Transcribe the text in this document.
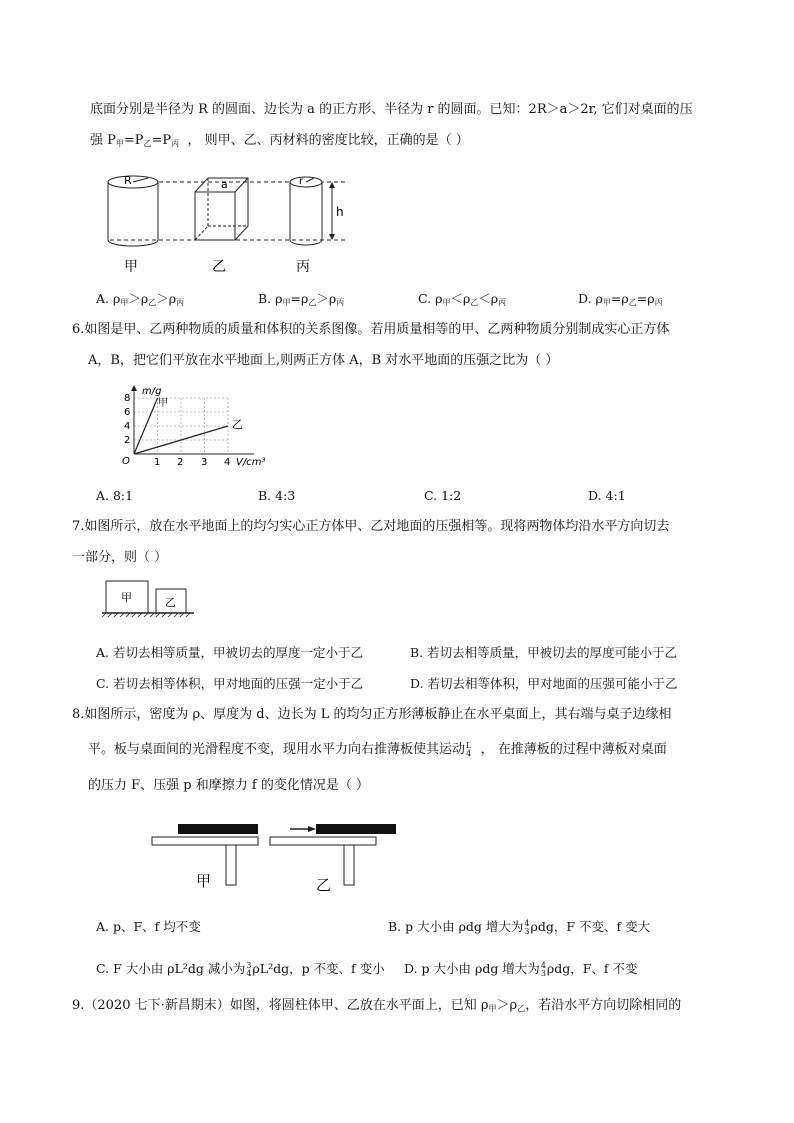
底面分别是半径为 R 的圆面、边长为 a 的正方形、半径为 r 的圆面。已知：2R＞a＞2r, 它们对桌面的压
强 $P_甲=P_乙=P_丙$ ， 则甲、乙、丙材料的密度比较，正确的是（ ）
R	a	r
h
甲	乙	丙
A. $\rho_甲>\rho_乙>\rho_丙$	B. $\rho_甲=\rho_乙>\rho_丙$	C. $\rho_甲<\rho_乙<\rho_丙$	D. $\rho_甲=\rho_乙=\rho_丙$
6.如图是甲、乙两种物质的质量和体积的关系图像。若用质量相等的甲、乙两种物质分别制成实心正方体
A，B，把它们平放在水平地面上,则两正方体 A，B 对水平地面的压强之比为（ ）
m/g
甲
乙
O
8
6
4
2
1 2 3 4 V/cm³
A. 8:1	B. 4:3	C. 1:2	D. 4:1
7.如图所示，放在水平地面上的均匀实心正方体甲、乙对地面的压强相等。现将两物体均沿水平方向切去
一部分，则（ ）
甲	乙
A. 若切去相等质量，甲被切去的厚度一定小于乙	B. 若切去相等质量，甲被切去的厚度可能小于乙
C. 若切去相等体积，甲对地面的压强一定小于乙	D. 若切去相等体积，甲对地面的压强可能小于乙
8.如图所示，密度为 ρ、厚度为 d、边长为 L 的均匀正方形薄板静止在水平桌面上，其右端与桌子边缘相
平。板与桌面间的光滑程度不变，现用水平力向右推薄板使其运动 L
4 ， 在推薄板的过程中薄板对桌面
的压力 F、压强 p 和摩擦力 f 的变化情况是（ ）
甲	乙
A. p、F、f 均不变	B. p 大小由 ρdg 增大为 4
3 ρdg，F 不变、f 变大
C. F 大小由 ρL²dg 减小为 3
4 ρL²dg，p 不变、f 变小 D. p 大小由 ρdg 增大为 4
3 ρdg，F、f 不变
9.（2020 七下·新昌期末）如图，将圆柱体甲、乙放在水平面上，已知 $\rho_甲>\rho_乙$，若沿水平方向切除相同的
